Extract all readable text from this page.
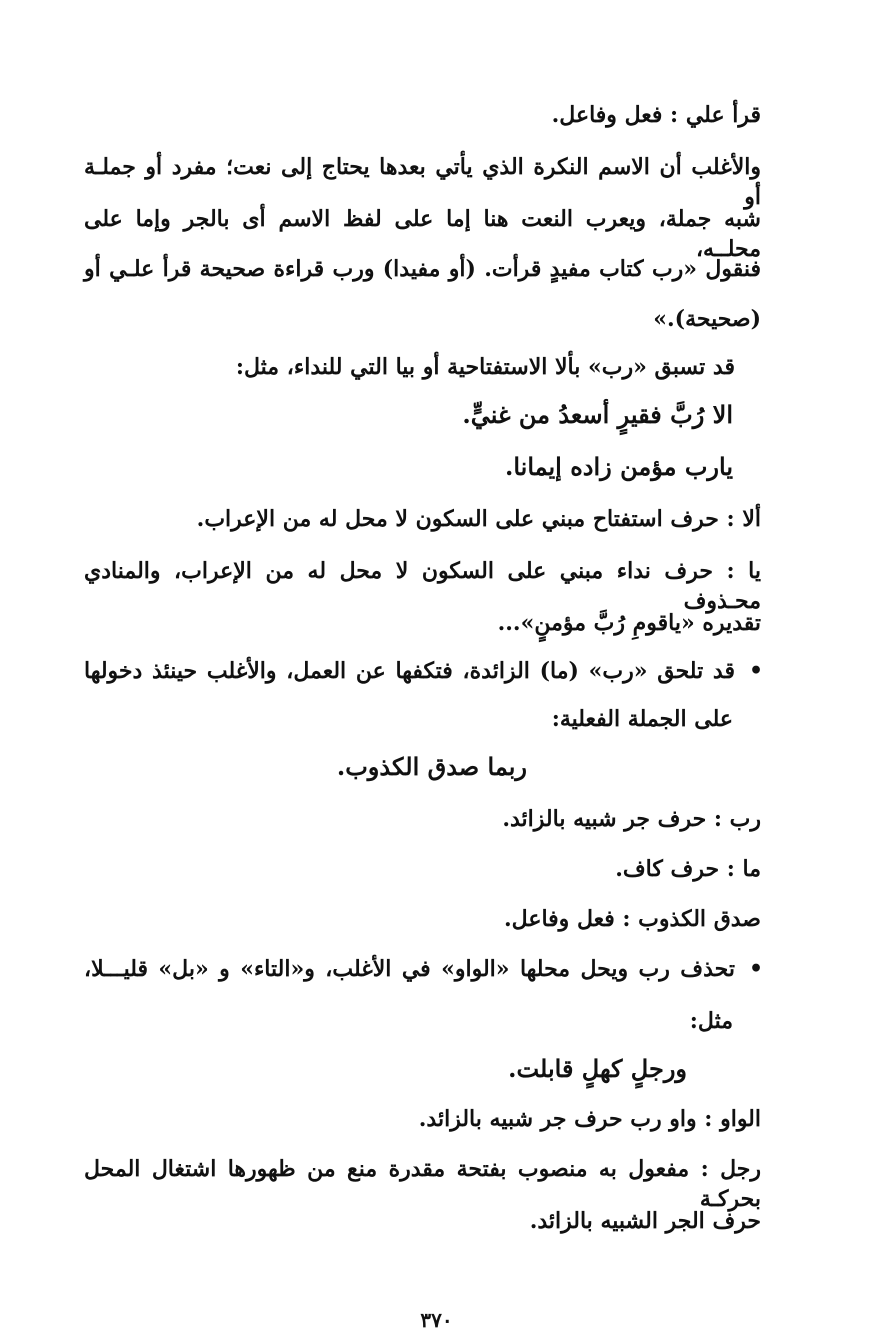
قرأ علي : فعل وفاعل.
والأغلب أن الاسم النكرة الذي يأتي بعدها يحتاج إلى نعت؛ مفرد أو جملـة أو
شبه جملة، ويعرب النعت هنا إما على لفظ الاسم أى بالجر وإما على محلــه،
فنقول «رب كتاب مفيدٍ قرأت. (أو مفيدا) ورب قراءة صحيحة قرأ علـي أو
(صحيحة).»
قد تسبق «رب» بألا الاستفتاحية أو بيا التي للنداء، مثل:
الا رُبَّ فقيرٍ أسعدُ من غنيٍّ.
يارب مؤمن زاده إيمانا.
ألا : حرف استفتاح مبني على السكون لا محل له من الإعراب.
يا : حرف نداء مبني على السكون لا محل له من الإعراب، والمنادي محـذوف
تقديره «ياقومِ رُبَّ مؤمنٍ»...
•قد تلحق «رب» (ما) الزائدة، فتكفها عن العمل، والأغلب حينئذ دخولها
على الجملة الفعلية:
ربما صدق الكذوب.
رب : حرف جر شبيه بالزائد.
ما : حرف كاف.
صدق الكذوب : فعل وفاعل.
•تحذف رب ويحل محلها «الواو» في الأغلب، و«التاء» و «بل» قليـــلا،
مثل:
ورجلٍ كهلٍ قابلت.
الواو : واو رب حرف جر شبيه بالزائد.
رجل : مفعول به منصوب بفتحة مقدرة منع من ظهورها اشتغال المحل بحركـة
حرف الجر الشبيه بالزائد.
٣٧٠
